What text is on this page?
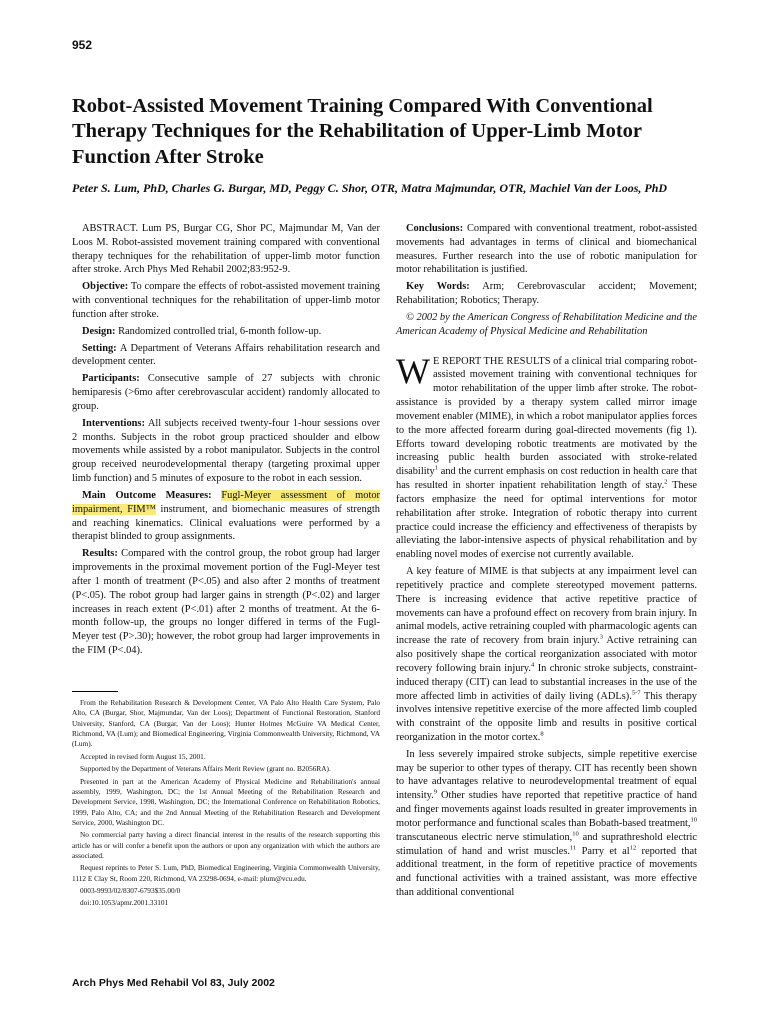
952
Robot-Assisted Movement Training Compared With Conventional Therapy Techniques for the Rehabilitation of Upper-Limb Motor Function After Stroke

Peter S. Lum, PhD, Charles G. Burgar, MD, Peggy C. Shor, OTR, Matra Majmundar, OTR, Machiel Van der Loos, PhD

ABSTRACT. Lum PS, Burgar CG, Shor PC, Majmundar M, Van der Loos M. Robot-assisted movement training compared with conventional therapy techniques for the rehabilitation of upper-limb motor function after stroke. Arch Phys Med Rehabil 2002;83:952-9.

Objective: To compare the effects of robot-assisted movement training with conventional techniques for the rehabilitation of upper-limb motor function after stroke.

Design: Randomized controlled trial, 6-month follow-up.

Setting: A Department of Veterans Affairs rehabilitation research and development center.

Participants: Consecutive sample of 27 subjects with chronic hemiparesis (>6mo after cerebrovascular accident) randomly allocated to group.

Interventions: All subjects received twenty-four 1-hour sessions over 2 months. Subjects in the robot group practiced shoulder and elbow movements while assisted by a robot manipulator. Subjects in the control group received neurodevelopmental therapy (targeting proximal upper limb function) and 5 minutes of exposure to the robot in each session.

Main Outcome Measures: Fugl-Meyer assessment of motor impairment, FIM™ instrument, and biomechanic measures of strength and reaching kinematics. Clinical evaluations were performed by a therapist blinded to group assignments.

Results: Compared with the control group, the robot group had larger improvements in the proximal movement portion of the Fugl-Meyer test after 1 month of treatment (P<.05) and also after 2 months of treatment (P<.05). The robot group had larger gains in strength (P<.02) and larger increases in reach extent (P<.01) after 2 months of treatment. At the 6-month follow-up, the groups no longer differed in terms of the Fugl-Meyer test (P>.30); however, the robot group had larger improvements in the FIM (P<.04).

Conclusions: Compared with conventional treatment, robot-assisted movements had advantages in terms of clinical and biomechanical measures. Further research into the use of robotic manipulation for motor rehabilitation is justified.

Key Words: Arm; Cerebrovascular accident; Movement; Rehabilitation; Robotics; Therapy.

© 2002 by the American Congress of Rehabilitation Medicine and the American Academy of Physical Medicine and Rehabilitation

W E REPORT THE RESULTS of a clinical trial comparing robot-assisted movement training with conventional techniques for motor rehabilitation of the upper limb after stroke. The robot-assistance is provided by a therapy system called mirror image movement enabler (MIME), in which a robot manipulator applies forces to the more affected forearm during goal-directed movements (fig 1). Efforts toward developing robotic treatments are motivated by the increasing public health burden associated with stroke-related disability$^1$ and the current emphasis on cost reduction in health care that has resulted in shorter inpatient rehabilitation length of stay.$^2$ These factors emphasize the need for optimal interventions for motor rehabilitation after stroke. Integration of robotic therapy into current practice could increase the efficiency and effectiveness of therapists by alleviating the labor-intensive aspects of physical rehabilitation and by enabling novel modes of exercise not currently available.

A key feature of MIME is that subjects at any impairment level can repetitively practice and complete stereotyped movement patterns. There is increasing evidence that active repetitive practice of movements can have a profound effect on recovery from brain injury. In animal models, active retraining coupled with pharmacologic agents can increase the rate of recovery from brain injury.$^3$ Active retraining can also positively shape the cortical reorganization associated with motor recovery following brain injury.$^4$ In chronic stroke subjects, constraint-induced therapy (CIT) can lead to substantial increases in the use of the more affected limb in activities of daily living (ADLs).$^{5-7}$ This therapy involves intensive repetitive exercise of the more affected limb coupled with constraint of the opposite limb and results in positive cortical reorganization in the motor cortex.$^8$

In less severely impaired stroke subjects, simple repetitive exercise may be superior to other types of therapy. CIT has recently been shown to have advantages relative to neurodevelopmental treatment of equal intensity.$^9$ Other studies have reported that repetitive practice of hand and finger movements against loads resulted in greater improvements in motor performance and functional scales than Bobath-based treatment,$^{10}$ transcutaneous electric nerve stimulation,$^{10}$ and suprathreshold electric stimulation of hand and wrist muscles.$^{11}$ Parry et $al^{12}$ reported that additional treatment, in the form of repetitive practice of movements and functional activities with a trained assistant, was more effective than additional conventional

From the Rehabilitation Research & Development Center, VA Palo Alto Health Care System, Palo Alto, CA (Burgar, Shor, Majmundar, Van der Loos); Department of Functional Restoration, Stanford University, Stanford, CA (Burgar, Van der Loos); Hunter Holmes McGuire VA Medical Center, Richmond, VA (Lum); and Biomedical Engineering, Virginia Commonwealth University, Richmond, VA (Lum).

Accepted in revised form August 15, 2001.

Supported by the Department of Veterans Affairs Merit Review (grant no. B2056RA).

Presented in part at the American Academy of Physical Medicine and Rehabilitation's annual assembly, 1999, Washington, DC; the 1st Annual Meeting of the Rehabilitation Research and Development Service, 1998, Washington, DC; the International Conference on Rehabilitation Robotics, 1999, Palo Alto, CA; and the 2nd Annual Meeting of the Rehabilitation Research and Development Service, 2000, Washington DC.

No commercial party having a direct financial interest in the results of the research supporting this article has or will confer a benefit upon the authors or upon any organization with which the authors are associated.

Request reprints to Peter S. Lum, PhD, Biomedical Engineering, Virginia Commonwealth University, 1112 E Clay St, Room 220, Richmond, VA 23298-0694, e-mail: plum@vcu.edu.

0003-9993/02/8307-6793$35.00/0

doi:10.1053/apmr.2001.33101

Arch Phys Med Rehabil Vol 83, July 2002
